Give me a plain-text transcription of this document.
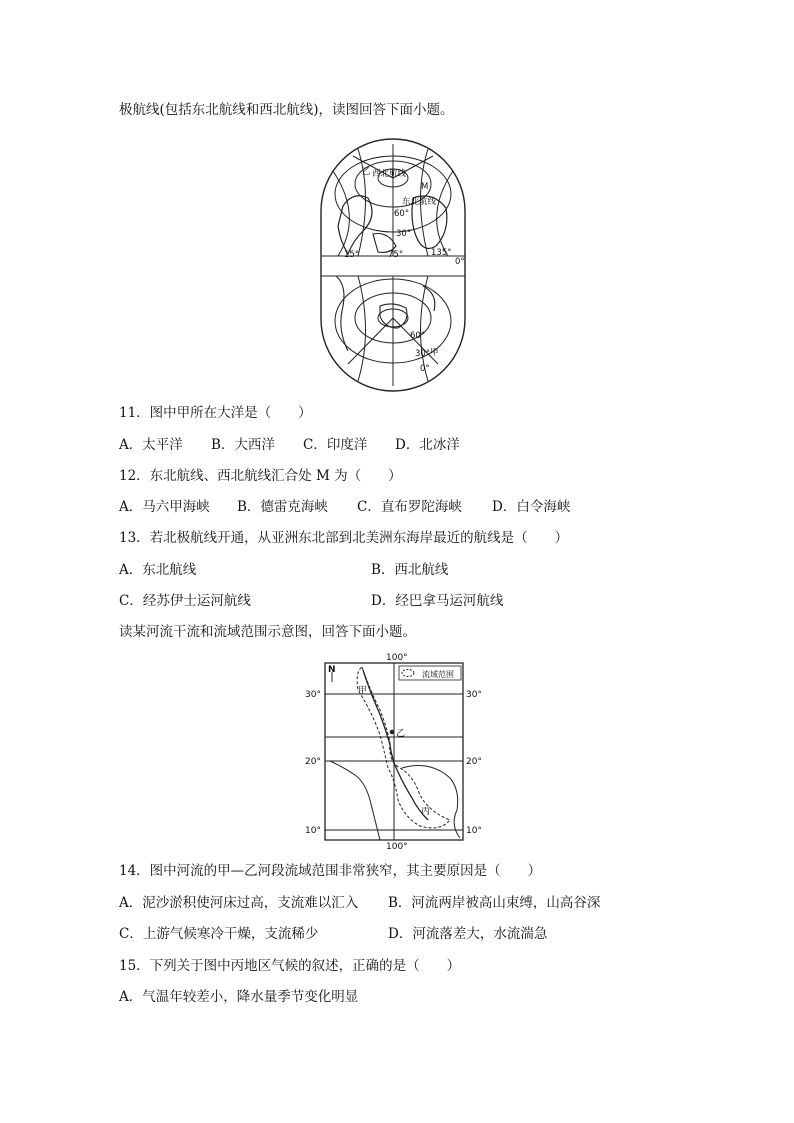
极航线(包括东北航线和西北航线)，读图回答下面小题。
乙 西北航线
M
东北航线
60°
30°
75°	135°
15°
0°
60°
30° 甲
0°
11．图中甲所在大洋是（　　）
A．太平洋 B．大西洋 C．印度洋 D．北冰洋
12．东北航线、西北航线汇合处 M 为（　　）
A．马六甲海峡 B．德雷克海峡 C．直布罗陀海峡 D．白令海峡
13．若北极航线开通，从亚洲东北部到北美洲东海岸最近的航线是（　　）
A．东北航线	B．西北航线
C．经苏伊士运河航线	D．经巴拿马运河航线
读某河流干流和流域范围示意图，回答下面小题。
100°
100°
N	流域范围
甲
乙
丙
30°	30°
20°	20°
10°	10°
14．图中河流的甲—乙河段流域范围非常狭窄，其主要原因是（　　）
A．泥沙淤积使河床过高，支流难以汇入 B．河流两岸被高山束缚，山高谷深
C．上游气候寒冷干燥，支流稀少	D．河流落差大，水流湍急
15．下列关于图中丙地区气候的叙述，正确的是（　　）
A．气温年较差小，降水量季节变化明显
